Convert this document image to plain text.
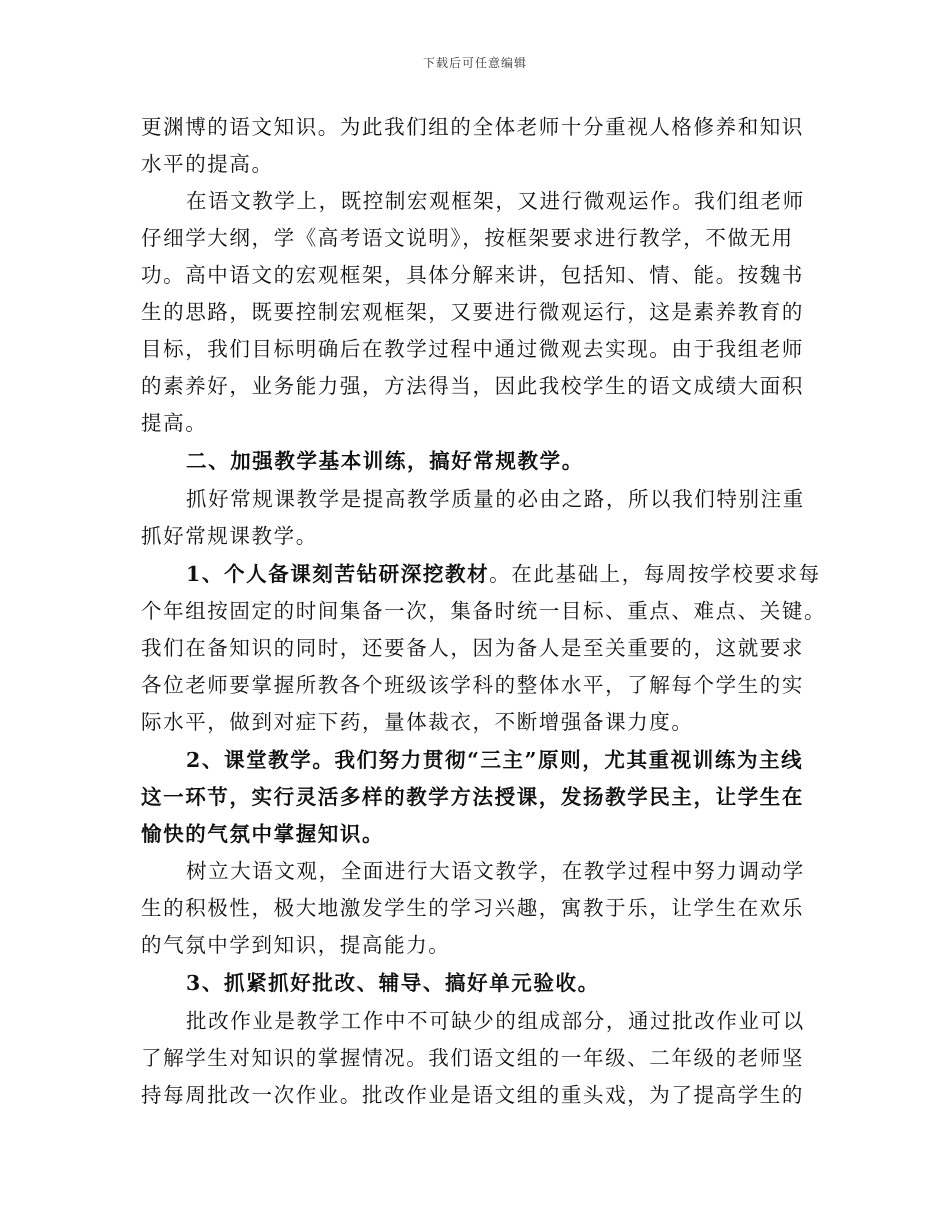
下载后可任意编辑
更渊博的语文知识。为此我们组的全体老师十分重视人格修养和知识
水平的提高。
在语文教学上，既控制宏观框架，又进行微观运作。我们组老师
仔细学大纲，学《高考语文说明》，按框架要求进行教学，不做无用
功。高中语文的宏观框架，具体分解来讲，包括知、情、能。按魏书
生的思路，既要控制宏观框架，又要进行微观运行，这是素养教育的
目标，我们目标明确后在教学过程中通过微观去实现。由于我组老师
的素养好，业务能力强，方法得当，因此我校学生的语文成绩大面积
提高。
二、加强教学基本训练，搞好常规教学。
抓好常规课教学是提高教学质量的必由之路，所以我们特别注重
抓好常规课教学。
1、个人备课刻苦钻研深挖教材。在此基础上，每周按学校要求每
个年组按固定的时间集备一次，集备时统一目标、重点、难点、关键。
我们在备知识的同时，还要备人，因为备人是至关重要的，这就要求
各位老师要掌握所教各个班级该学科的整体水平，了解每个学生的实
际水平，做到对症下药，量体裁衣，不断增强备课力度。
2、课堂教学。我们努力贯彻“三主”原则，尤其重视训练为主线
这一环节，实行灵活多样的教学方法授课，发扬教学民主，让学生在
愉快的气氛中掌握知识。
树立大语文观，全面进行大语文教学，在教学过程中努力调动学
生的积极性，极大地激发学生的学习兴趣，寓教于乐，让学生在欢乐
的气氛中学到知识，提高能力。
3、抓紧抓好批改、辅导、搞好单元验收。
批改作业是教学工作中不可缺少的组成部分，通过批改作业可以
了解学生对知识的掌握情况。我们语文组的一年级、二年级的老师坚
持每周批改一次作业。批改作业是语文组的重头戏，为了提高学生的
